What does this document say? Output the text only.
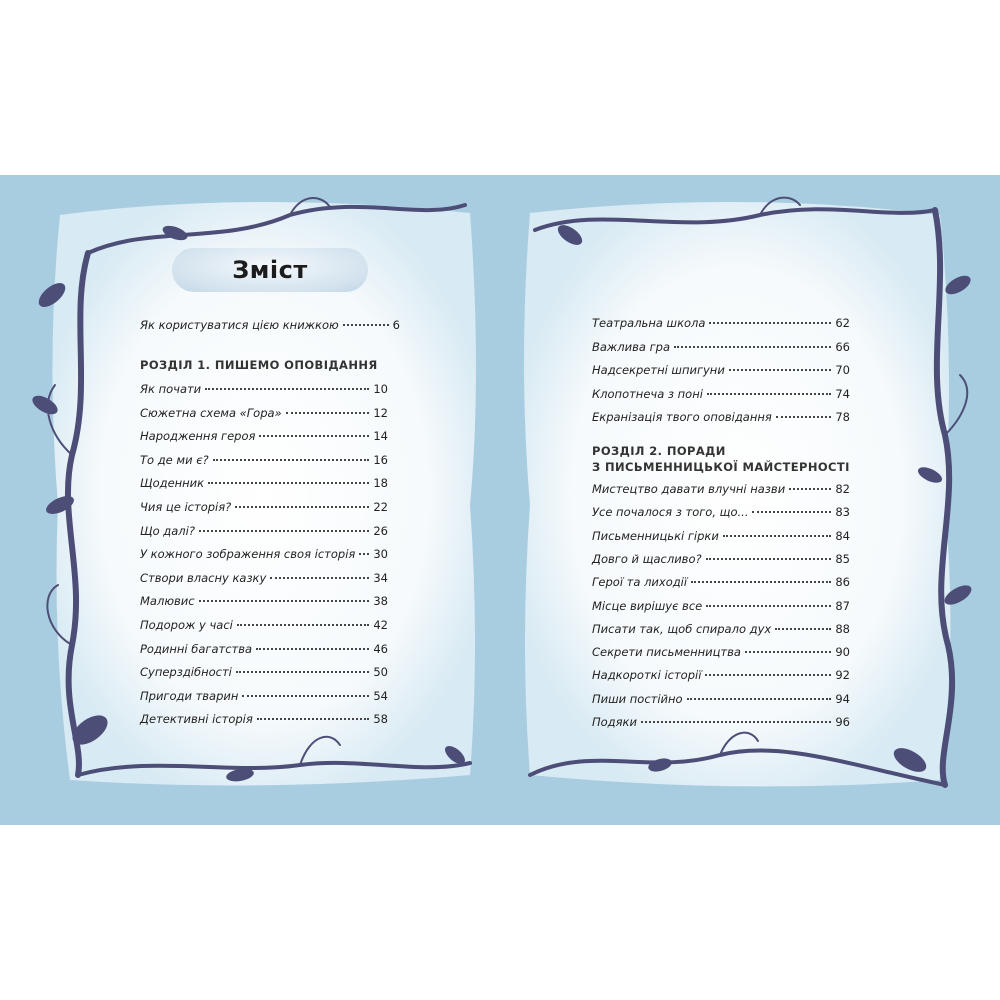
Зміст
Як користуватися цією книжкою	6
РОЗДІЛ 1. ПИШЕМО ОПОВІДАННЯ
Як почати	10
Сюжетна схема «Гора»	12
Народження героя	14
То де ми є?	16
Щоденник	18
Чия це історія?	22
Що далі?	26
У кожного зображення своя історія 30
Створи власну казку	34
Малювис	38
Подорож у часі	42
Родинні багатства	46
Суперздібності	50
Пригоди тварин	54
Детективні історія	58
Театральна школа	62
Важлива гра	66
Надсекретні шпигуни	70
Клопотнеча з поні	74
Екранізація твого оповідання	78
РОЗДІЛ 2. ПОРАДИ
З ПИСЬМЕННИЦЬКОЇ МАЙСТЕРНОСТІ
Мистецтво давати влучні назви	82
Усе почалося з того, що...	83
Письменницькі гірки	84
Довго й щасливо?	85
Герої та лиходії	86
Місце вирішує все	87
Писати так, щоб спирало дух	88
Секрети письменництва	90
Надкороткі історії	92
Пиши постійно	94
Подяки	96
